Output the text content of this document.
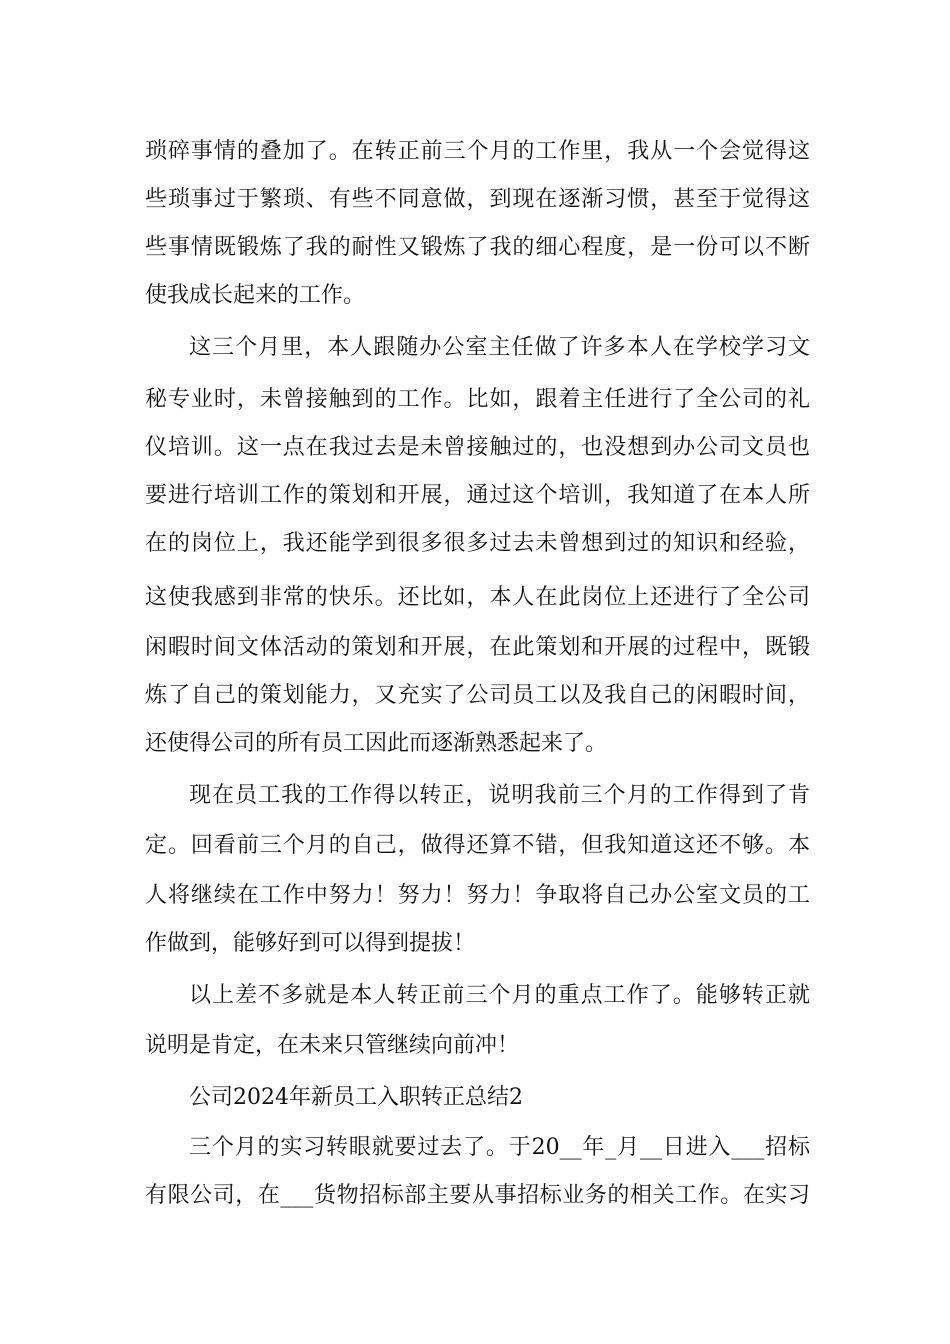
琐碎事情的叠加了。在转正前三个月的工作里，我从一个会觉得这
些琐事过于繁琐、有些不同意做，到现在逐渐习惯，甚至于觉得这
些事情既锻炼了我的耐性又锻炼了我的细心程度，是一份可以不断
使我成长起来的工作。
这三个月里，本人跟随办公室主任做了许多本人在学校学习文
秘专业时，未曾接触到的工作。比如，跟着主任进行了全公司的礼
仪培训。这一点在我过去是未曾接触过的，也没想到办公司文员也
要进行培训工作的策划和开展，通过这个培训，我知道了在本人所
在的岗位上，我还能学到很多很多过去未曾想到过的知识和经验，
这使我感到非常的快乐。还比如，本人在此岗位上还进行了全公司
闲暇时间文体活动的策划和开展，在此策划和开展的过程中，既锻
炼了自己的策划能力，又充实了公司员工以及我自己的闲暇时间，
还使得公司的所有员工因此而逐渐熟悉起来了。
现在员工我的工作得以转正，说明我前三个月的工作得到了肯
定。回看前三个月的自己，做得还算不错，但我知道这还不够。本
人将继续在工作中努力！努力！努力！争取将自己办公室文员的工
作做到，能够好到可以得到提拔！
以上差不多就是本人转正前三个月的重点工作了。能够转正就
说明是肯定，在未来只管继续向前冲！
公司2024年新员工入职转正总结2
三个月的实习转眼就要过去了。于20__年_月__日进入___招标
有限公司，在___货物招标部主要从事招标业务的相关工作。在实习
